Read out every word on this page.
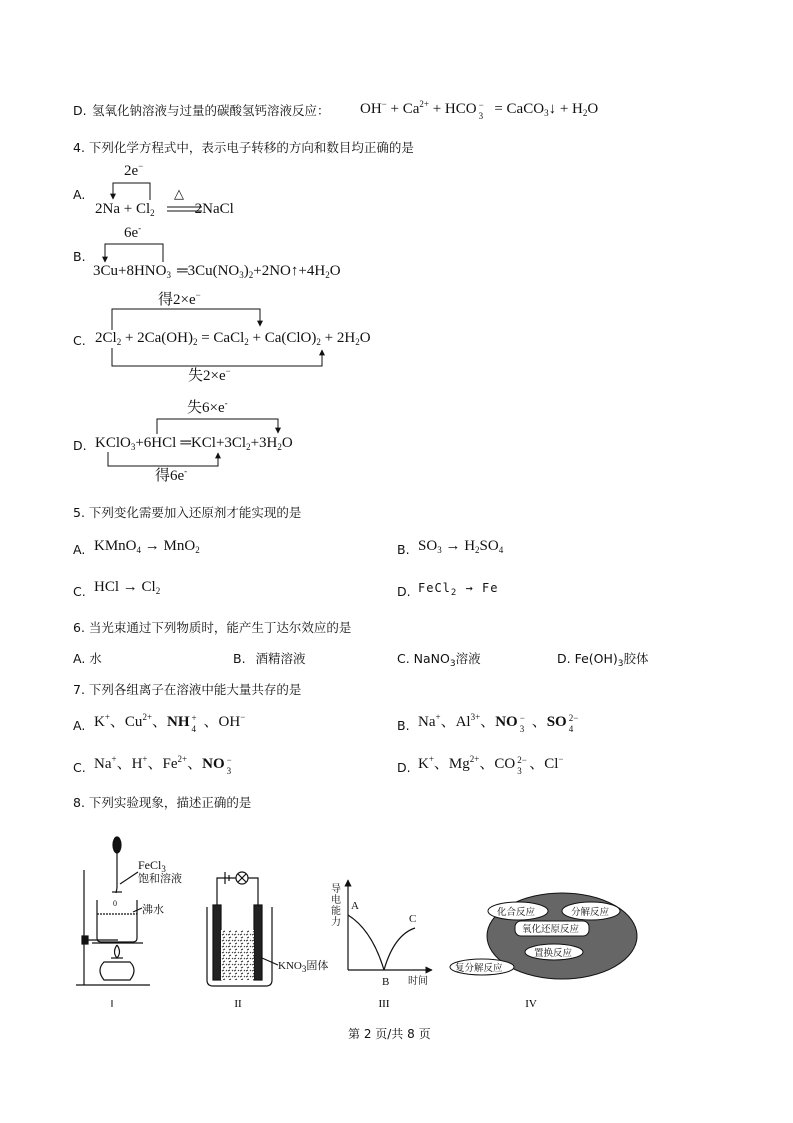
D. 氢氧化钠溶液与过量的碳酸氢钙溶液反应： $OH^- + Ca^{2+}$ + HCO −
3 = CaCO$_3$↓ + $H_2O$
4. 下列化学方程式中，表示电子转移的方向和数目均正确的是
A.
2e−
△
$2Na + Cl_2$	2NaCl
B.
6e-
$3Cu+8HNO_3$ $═3Cu(NO_3)_2+2NO↑+4H_2O$
得2×e−
C. $2Cl_2 + 2Ca(OH)_2$ = CaCl$_2$ + $Ca(ClO)_2 + 2H_2O$
失2×e−
失6×e-
D. KClO$_3$+6HCl $═KCl+3Cl_2+3H_2O$
得6e-
5. 下列变化需要加入还原剂才能实现的是
A. KMnO$_4$ → MnO$_2$	B. $SO_3 \to H_2SO_4$
C. HCl → $Cl_2$	D. FeCl$_2$ → Fe
6. 当光束通过下列物质时，能产生丁达尔效应的是
A. 水	B. 酒精溶液	C. NaNO$_3$溶液	D. $Fe(OH)_3$胶体
7. 下列各组离子在溶液中能大量共存的是
A. K+、$Cu^{2+}$、NH +
4 、OH−
B. Na+、$Al^{3+}$、NO −
3 、SO 2−
4
C. Na+、H+、$Fe^{2+}$、NO −
3	D. K+、$Mg^{2+}$、CO 2−
3 、Cl−
8. 下列实验现象，描述正确的是
I	II	III	IV
FeCl$_3$
饱和溶液
沸水
0
$KNO_3$固体
导电能力
时间
A
B
C
化合反应	分解反应
氧化还原反应
置换反应
复分解反应
第 2 页/共 8 页
